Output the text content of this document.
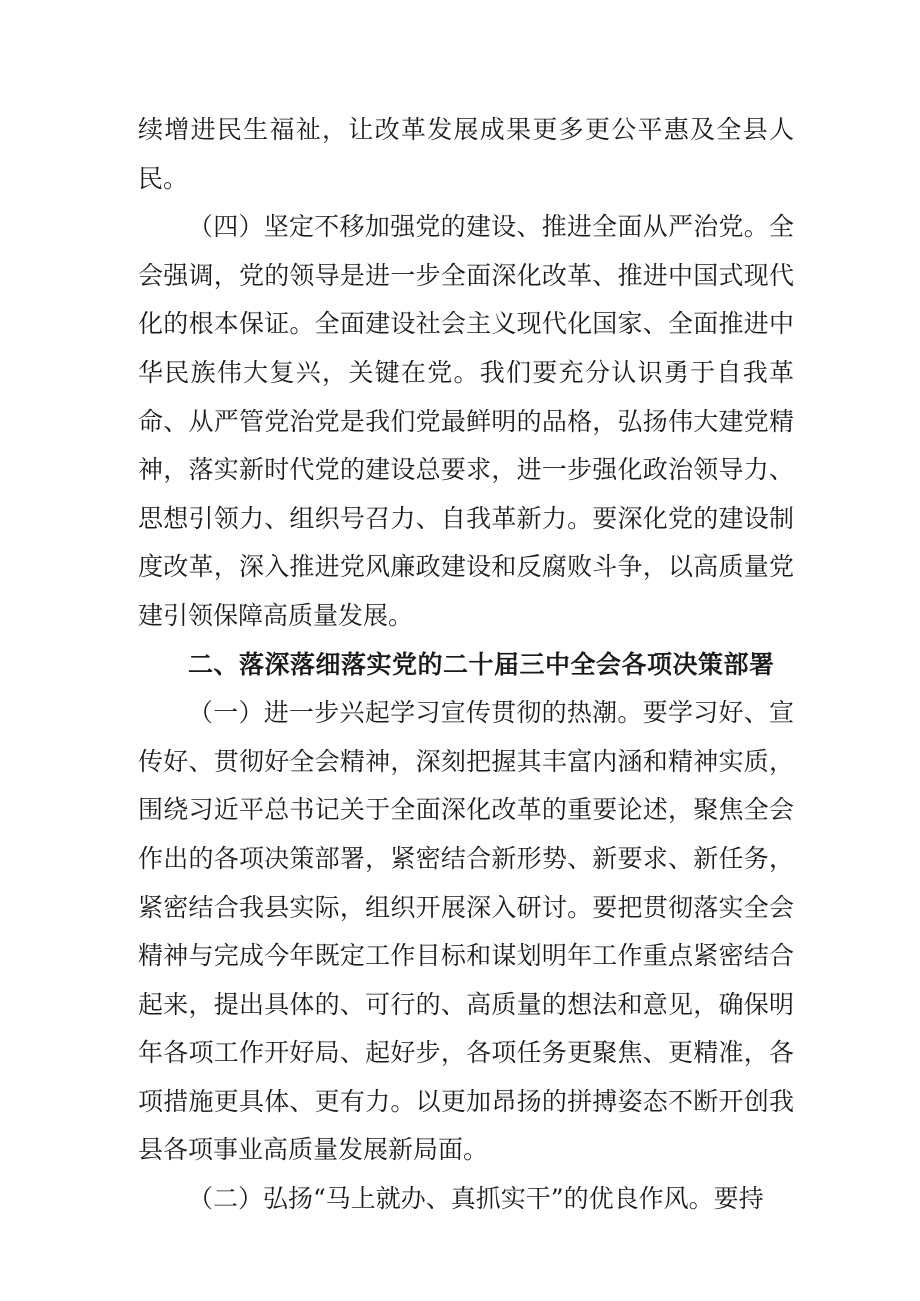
续增进民生福祉，让改革发展成果更多更公平惠及全县人民。

（四）坚定不移加强党的建设、推进全面从严治党。全会强调，党的领导是进一步全面深化改革、推进中国式现代化的根本保证。全面建设社会主义现代化国家、全面推进中华民族伟大复兴，关键在党。我们要充分认识勇于自我革命、从严管党治党是我们党最鲜明的品格，弘扬伟大建党精神，落实新时代党的建设总要求，进一步强化政治领导力、思想引领力、组织号召力、自我革新力。要深化党的建设制度改革，深入推进党风廉政建设和反腐败斗争，以高质量党建引领保障高质量发展。

二、落深落细落实党的二十届三中全会各项决策部署

（一）进一步兴起学习宣传贯彻的热潮。要学习好、宣传好、贯彻好全会精神，深刻把握其丰富内涵和精神实质，围绕习近平总书记关于全面深化改革的重要论述，聚焦全会作出的各项决策部署，紧密结合新形势、新要求、新任务，紧密结合我县实际，组织开展深入研讨。要把贯彻落实全会精神与完成今年既定工作目标和谋划明年工作重点紧密结合起来，提出具体的、可行的、高质量的想法和意见，确保明年各项工作开好局、起好步，各项任务更聚焦、更精准，各项措施更具体、更有力。以更加昂扬的拼搏姿态不断开创我县各项事业高质量发展新局面。

（二）弘扬“马上就办、真抓实干”的优良作风。要持
